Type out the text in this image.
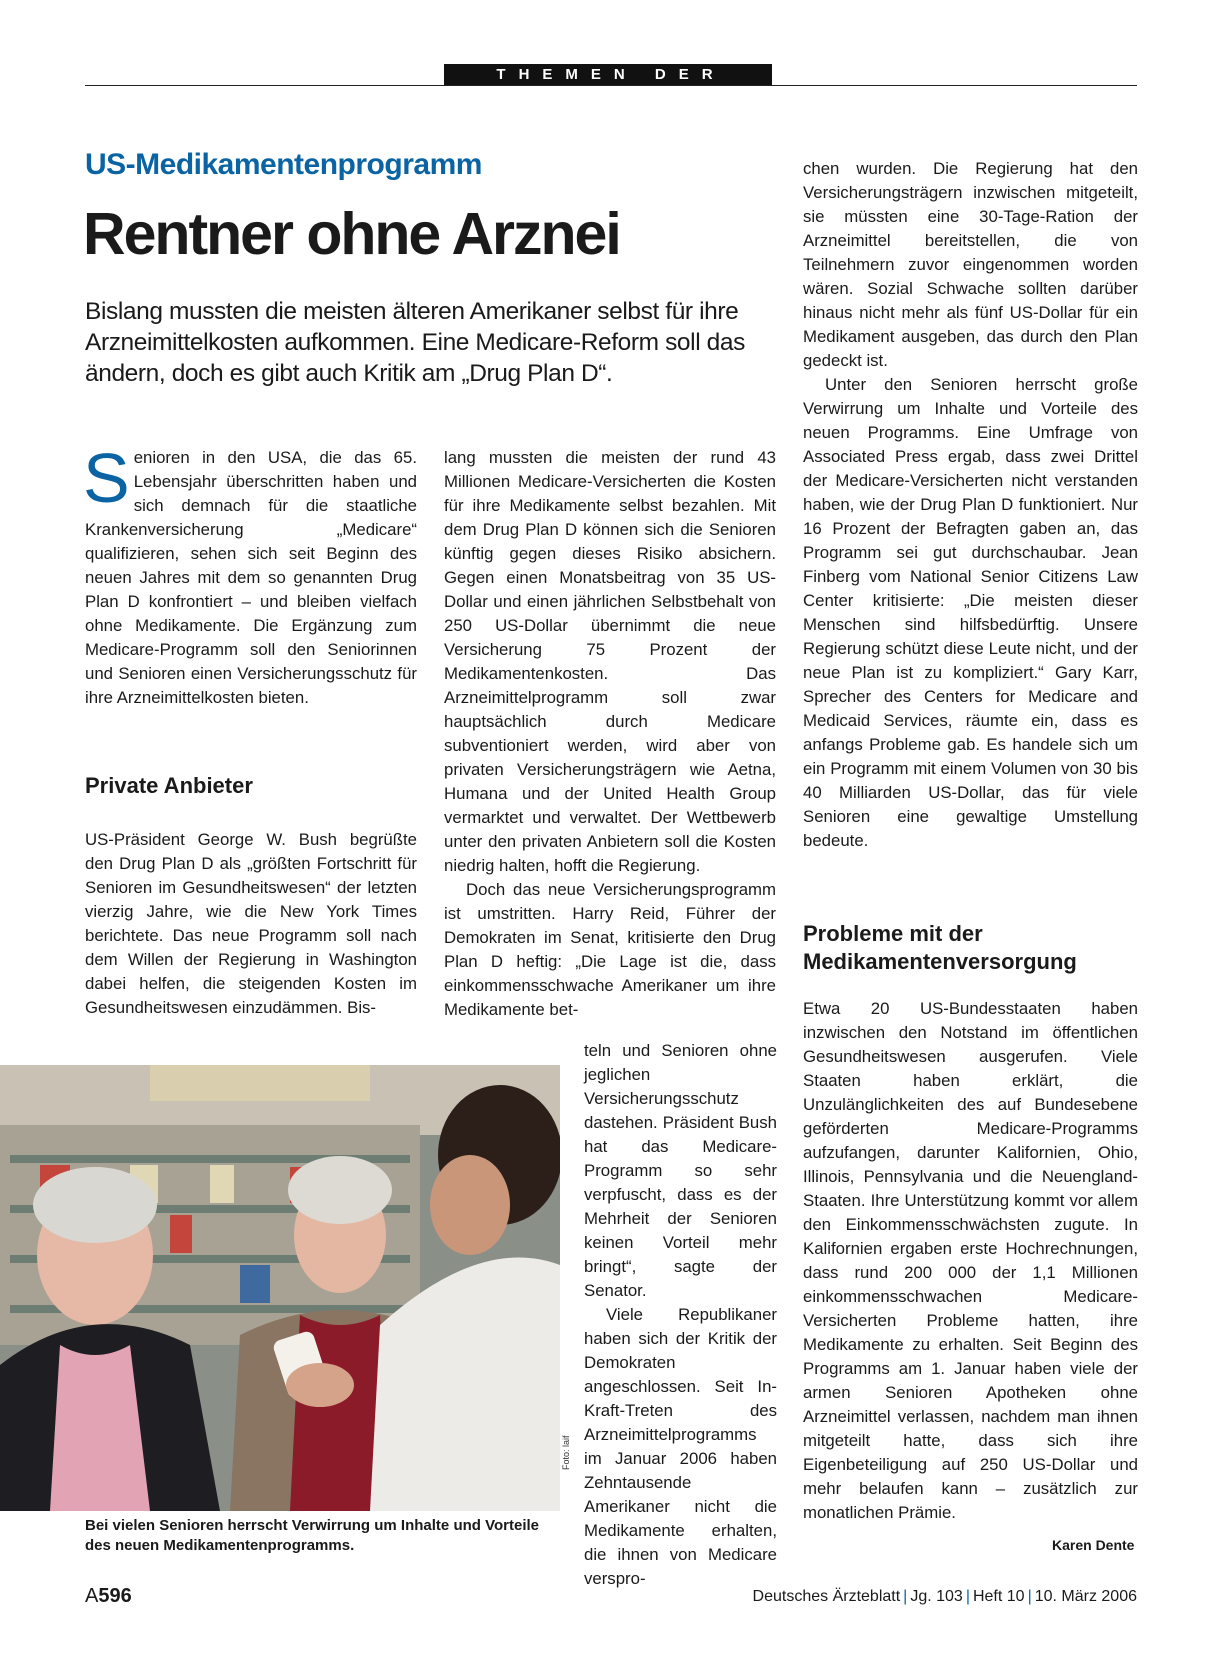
THEMEN DER ZEIT
US-Medikamentenprogramm
Rentner ohne Arznei
Bislang mussten die meisten älteren Amerikaner selbst für ihre Arzneimittelkosten aufkommen. Eine Medicare-Reform soll das ändern, doch es gibt auch Kritik am „Drug Plan D“.
S enioren in den USA, die das 65. Lebensjahr überschritten haben und sich demnach für die staatliche Krankenversicherung „Medicare“ qualifizieren, sehen sich seit Beginn des neuen Jahres mit dem so genannten Drug Plan D konfrontiert – und bleiben vielfach ohne Medikamente. Die Ergänzung zum Medicare-Programm soll den Seniorinnen und Senioren einen Versicherungsschutz für ihre Arzneimittelkosten bieten.

Private Anbieter

US-Präsident George W. Bush begrüßte den Drug Plan D als „größten Fortschritt für Senioren im Gesundheitswesen“ der letzten vierzig Jahre, wie die New York Times berichtete. Das neue Programm soll nach dem Willen der Regierung in Washington dabei helfen, die steigenden Kosten im Gesundheitswesen einzudämmen. Bis-

lang mussten die meisten der rund 43 Millionen Medicare-Versicherten die Kosten für ihre Medikamente selbst bezahlen. Mit dem Drug Plan D können sich die Senioren künftig gegen dieses Risiko absichern. Gegen einen Monatsbeitrag von 35 US-Dollar und einen jährlichen Selbstbehalt von 250 US-Dollar übernimmt die neue Versicherung 75 Prozent der Medikamentenkosten. Das Arzneimittelprogramm soll zwar hauptsächlich durch Medicare subventioniert werden, wird aber von privaten Versicherungsträgern wie Aetna, Humana und der United Health Group vermarktet und verwaltet. Der Wettbewerb unter den privaten Anbietern soll die Kosten niedrig halten, hofft die Regierung.

Doch das neue Versicherungsprogramm ist umstritten. Harry Reid, Führer der Demokraten im Senat, kritisierte den Drug Plan D heftig: „Die Lage ist die, dass einkommensschwache Amerikaner um ihre Medikamente bet-

teln und Senioren ohne jeglichen Versicherungsschutz dastehen. Präsident Bush hat das Medicare-Programm so sehr verpfuscht, dass es der Mehrheit der Senioren keinen Vorteil mehr bringt“, sagte der Senator.

Viele Republikaner haben sich der Kritik der Demokraten angeschlossen. Seit In-Kraft-Treten des Arzneimittelprogramms im Januar 2006 haben Zehntausende Amerikaner nicht die Medikamente erhalten, die ihnen von Medicare verspro-

chen wurden. Die Regierung hat den Versicherungsträgern inzwischen mitgeteilt, sie müssten eine 30-Tage-Ration der Arzneimittel bereitstellen, die von Teilnehmern zuvor eingenommen worden wären. Sozial Schwache sollten darüber hinaus nicht mehr als fünf US-Dollar für ein Medikament ausgeben, das durch den Plan gedeckt ist.

Unter den Senioren herrscht große Verwirrung um Inhalte und Vorteile des neuen Programms. Eine Umfrage von Associated Press ergab, dass zwei Drittel der Medicare-Versicherten nicht verstanden haben, wie der Drug Plan D funktioniert. Nur 16 Prozent der Befragten gaben an, das Programm sei gut durchschaubar. Jean Finberg vom National Senior Citizens Law Center kritisierte: „Die meisten dieser Menschen sind hilfsbedürftig. Unsere Regierung schützt diese Leute nicht, und der neue Plan ist zu kompliziert.“ Gary Karr, Sprecher des Centers for Medicare and Medicaid Services, räumte ein, dass es anfangs Probleme gab. Es handele sich um ein Programm mit einem Volumen von 30 bis 40 Milliarden US-Dollar, das für viele Senioren eine gewaltige Umstellung bedeute.

Probleme mit der Medikamentenversorgung

Etwa 20 US-Bundesstaaten haben inzwischen den Notstand im öffentlichen Gesundheitswesen ausgerufen. Viele Staaten haben erklärt, die Unzulänglichkeiten des auf Bundesebene geförderten Medicare-Programms aufzufangen, darunter Kalifornien, Ohio, Illinois, Pennsylvania und die Neuengland-Staaten. Ihre Unterstützung kommt vor allem den Einkommensschwächsten zugute. In Kalifornien ergaben erste Hochrechnungen, dass rund 200 000 der 1,1 Millionen einkommensschwachen Medicare-Versicherten Probleme hatten, ihre Medikamente zu erhalten. Seit Beginn des Programms am 1. Januar haben viele der armen Senioren Apotheken ohne Arzneimittel verlassen, nachdem man ihnen mitgeteilt hatte, dass sich ihre Eigenbeteiligung auf 250 US-Dollar und mehr belaufen kann – zusätzlich zur monatlichen Prämie.

Karen Dente
Foto: laif
Bei vielen Senioren herrscht Verwirrung um Inhalte und Vorteile des neuen Medikamentenprogramms.
A596	Deutsches Ärzteblatt | Jg. 103 | Heft 10 | 10. März 2006
